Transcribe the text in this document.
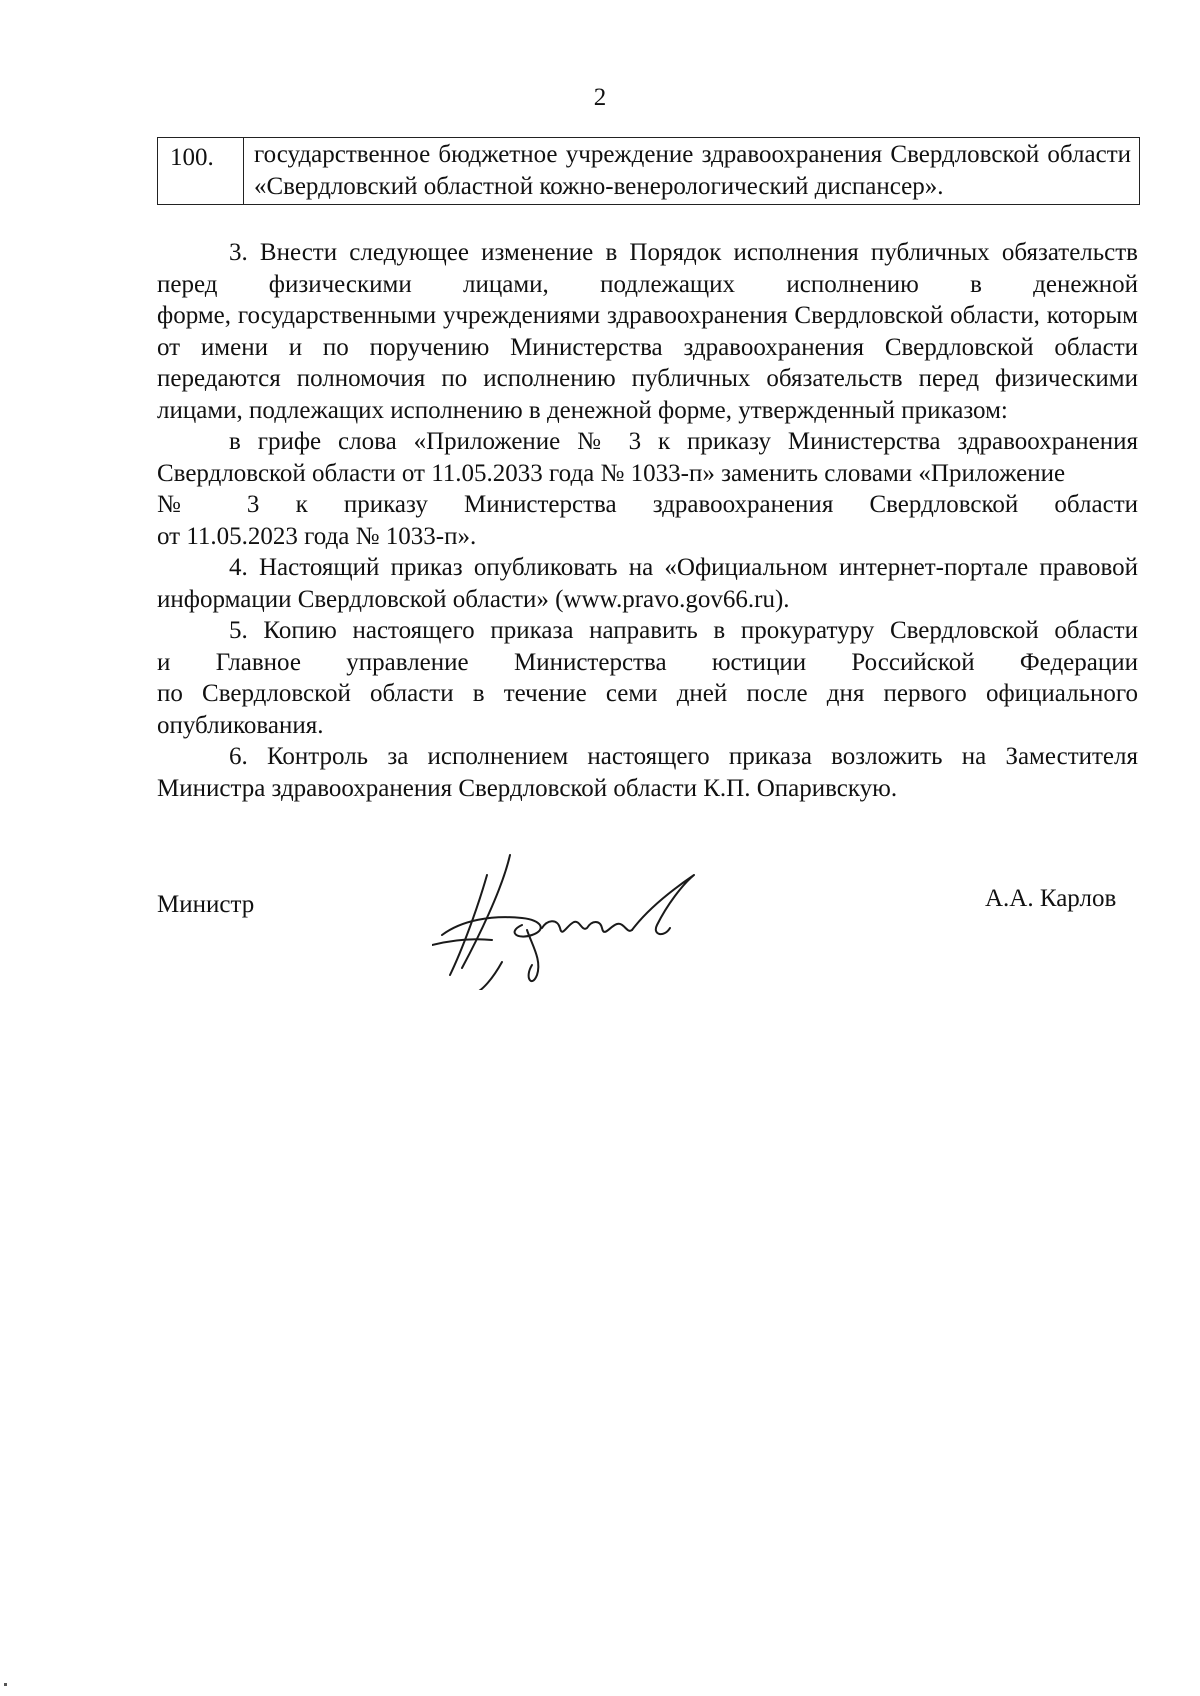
2
100.	государственное бюджетное учреждение здравоохранения Свердловской области «Свердловский областной кожно-венерологический диспансер».

3. Внести следующее изменение в Порядок исполнения публичных обязательств

перед физическими лицами, подлежащих исполнению в денежной

форме, государственными учреждениями здравоохранения Свердловской области, которым от имени и по поручению Министерства здравоохранения Свердловской области передаются полномочия по исполнению публичных обязательств перед физическими лицами, подлежащих исполнению в денежной форме, утвержденный приказом:

в грифе слова «Приложение № 3 к приказу Министерства здравоохранения Свердловской области от 11.05.2033 года № 1033-п» заменить словами «Приложение

№ 3 к приказу Министерства здравоохранения Свердловской области

от 11.05.2023 года № 1033-п».

4. Настоящий приказ опубликовать на «Официальном интернет-портале правовой информации Свердловской области» (www.pravo.gov66.ru).

5. Копию настоящего приказа направить в прокуратуру Свердловской области

и Главное управление Министерства юстиции Российской Федерации

по Свердловской области в течение семи дней после дня первого официального опубликования.

6. Контроль за исполнением настоящего приказа возложить на Заместителя Министра здравоохранения Свердловской области К.П. Опаривскую.

Министр	А.А. Карлов
